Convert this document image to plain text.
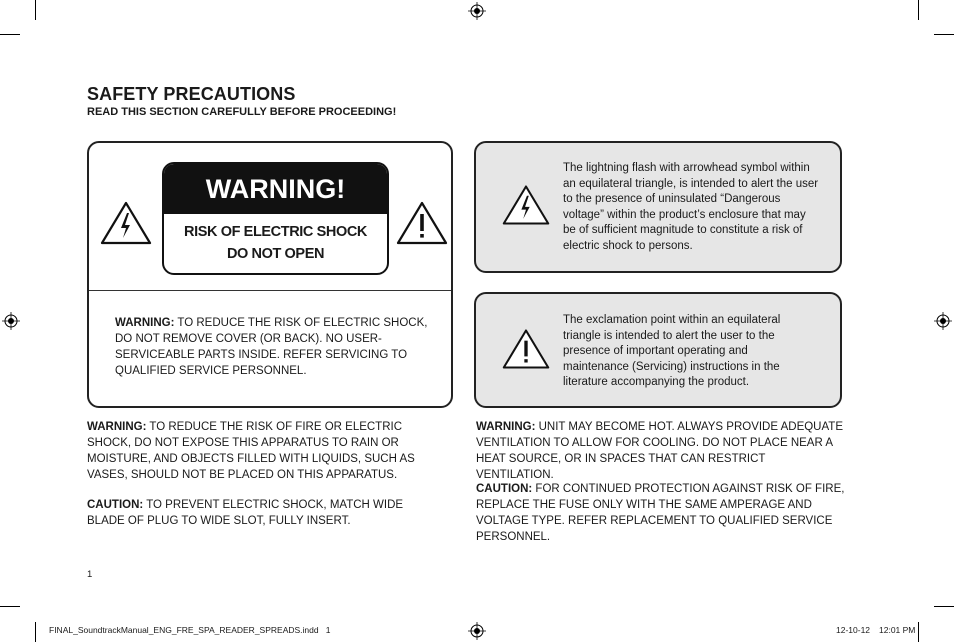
SAFETY PRECAUTIONS
READ THIS SECTION CAREFULLY BEFORE PROCEEDING!
WARNING!
RISK OF ELECTRIC SHOCK
DO NOT OPEN
WARNING: TO REDUCE THE RISK OF ELECTRIC SHOCK, DO NOT REMOVE COVER (OR BACK). NO USER-SERVICEABLE PARTS INSIDE. REFER SERVICING TO QUALIFIED SERVICE PERSONNEL.
The lightning flash with arrowhead symbol within an equilateral triangle, is intended to alert the user to the presence of uninsulated “Dangerous voltage” within the product’s enclosure that may be of sufficient magnitude to constitute a risk of electric shock to persons.
The exclamation point within an equilateral triangle is intended to alert the user to the presence of important operating and maintenance (Servicing) instructions in the literature accompanying the product.
WARNING: TO REDUCE THE RISK OF FIRE OR ELECTRIC SHOCK, DO NOT EXPOSE THIS APPARATUS TO RAIN OR MOISTURE, AND OBJECTS FILLED WITH LIQUIDS, SUCH AS VASES, SHOULD NOT BE PLACED ON THIS APPARATUS.
CAUTION: TO PREVENT ELECTRIC SHOCK, MATCH WIDE BLADE OF PLUG TO WIDE SLOT, FULLY INSERT.
WARNING: UNIT MAY BECOME HOT. ALWAYS PROVIDE ADEQUATE VENTILATION TO ALLOW FOR COOLING. DO NOT PLACE NEAR A HEAT SOURCE, OR IN SPACES THAT CAN RESTRICT VENTILATION.
CAUTION: FOR CONTINUED PROTECTION AGAINST RISK OF FIRE, REPLACE THE FUSE ONLY WITH THE SAME AMPERAGE AND VOLTAGE TYPE. REFER REPLACEMENT TO QUALIFIED SERVICE PERSONNEL.
1
FINAL_SoundtrackManual_ENG_FRE_SPA_READER_SPREADS.indd   1	12-10-12 12:01 PM
